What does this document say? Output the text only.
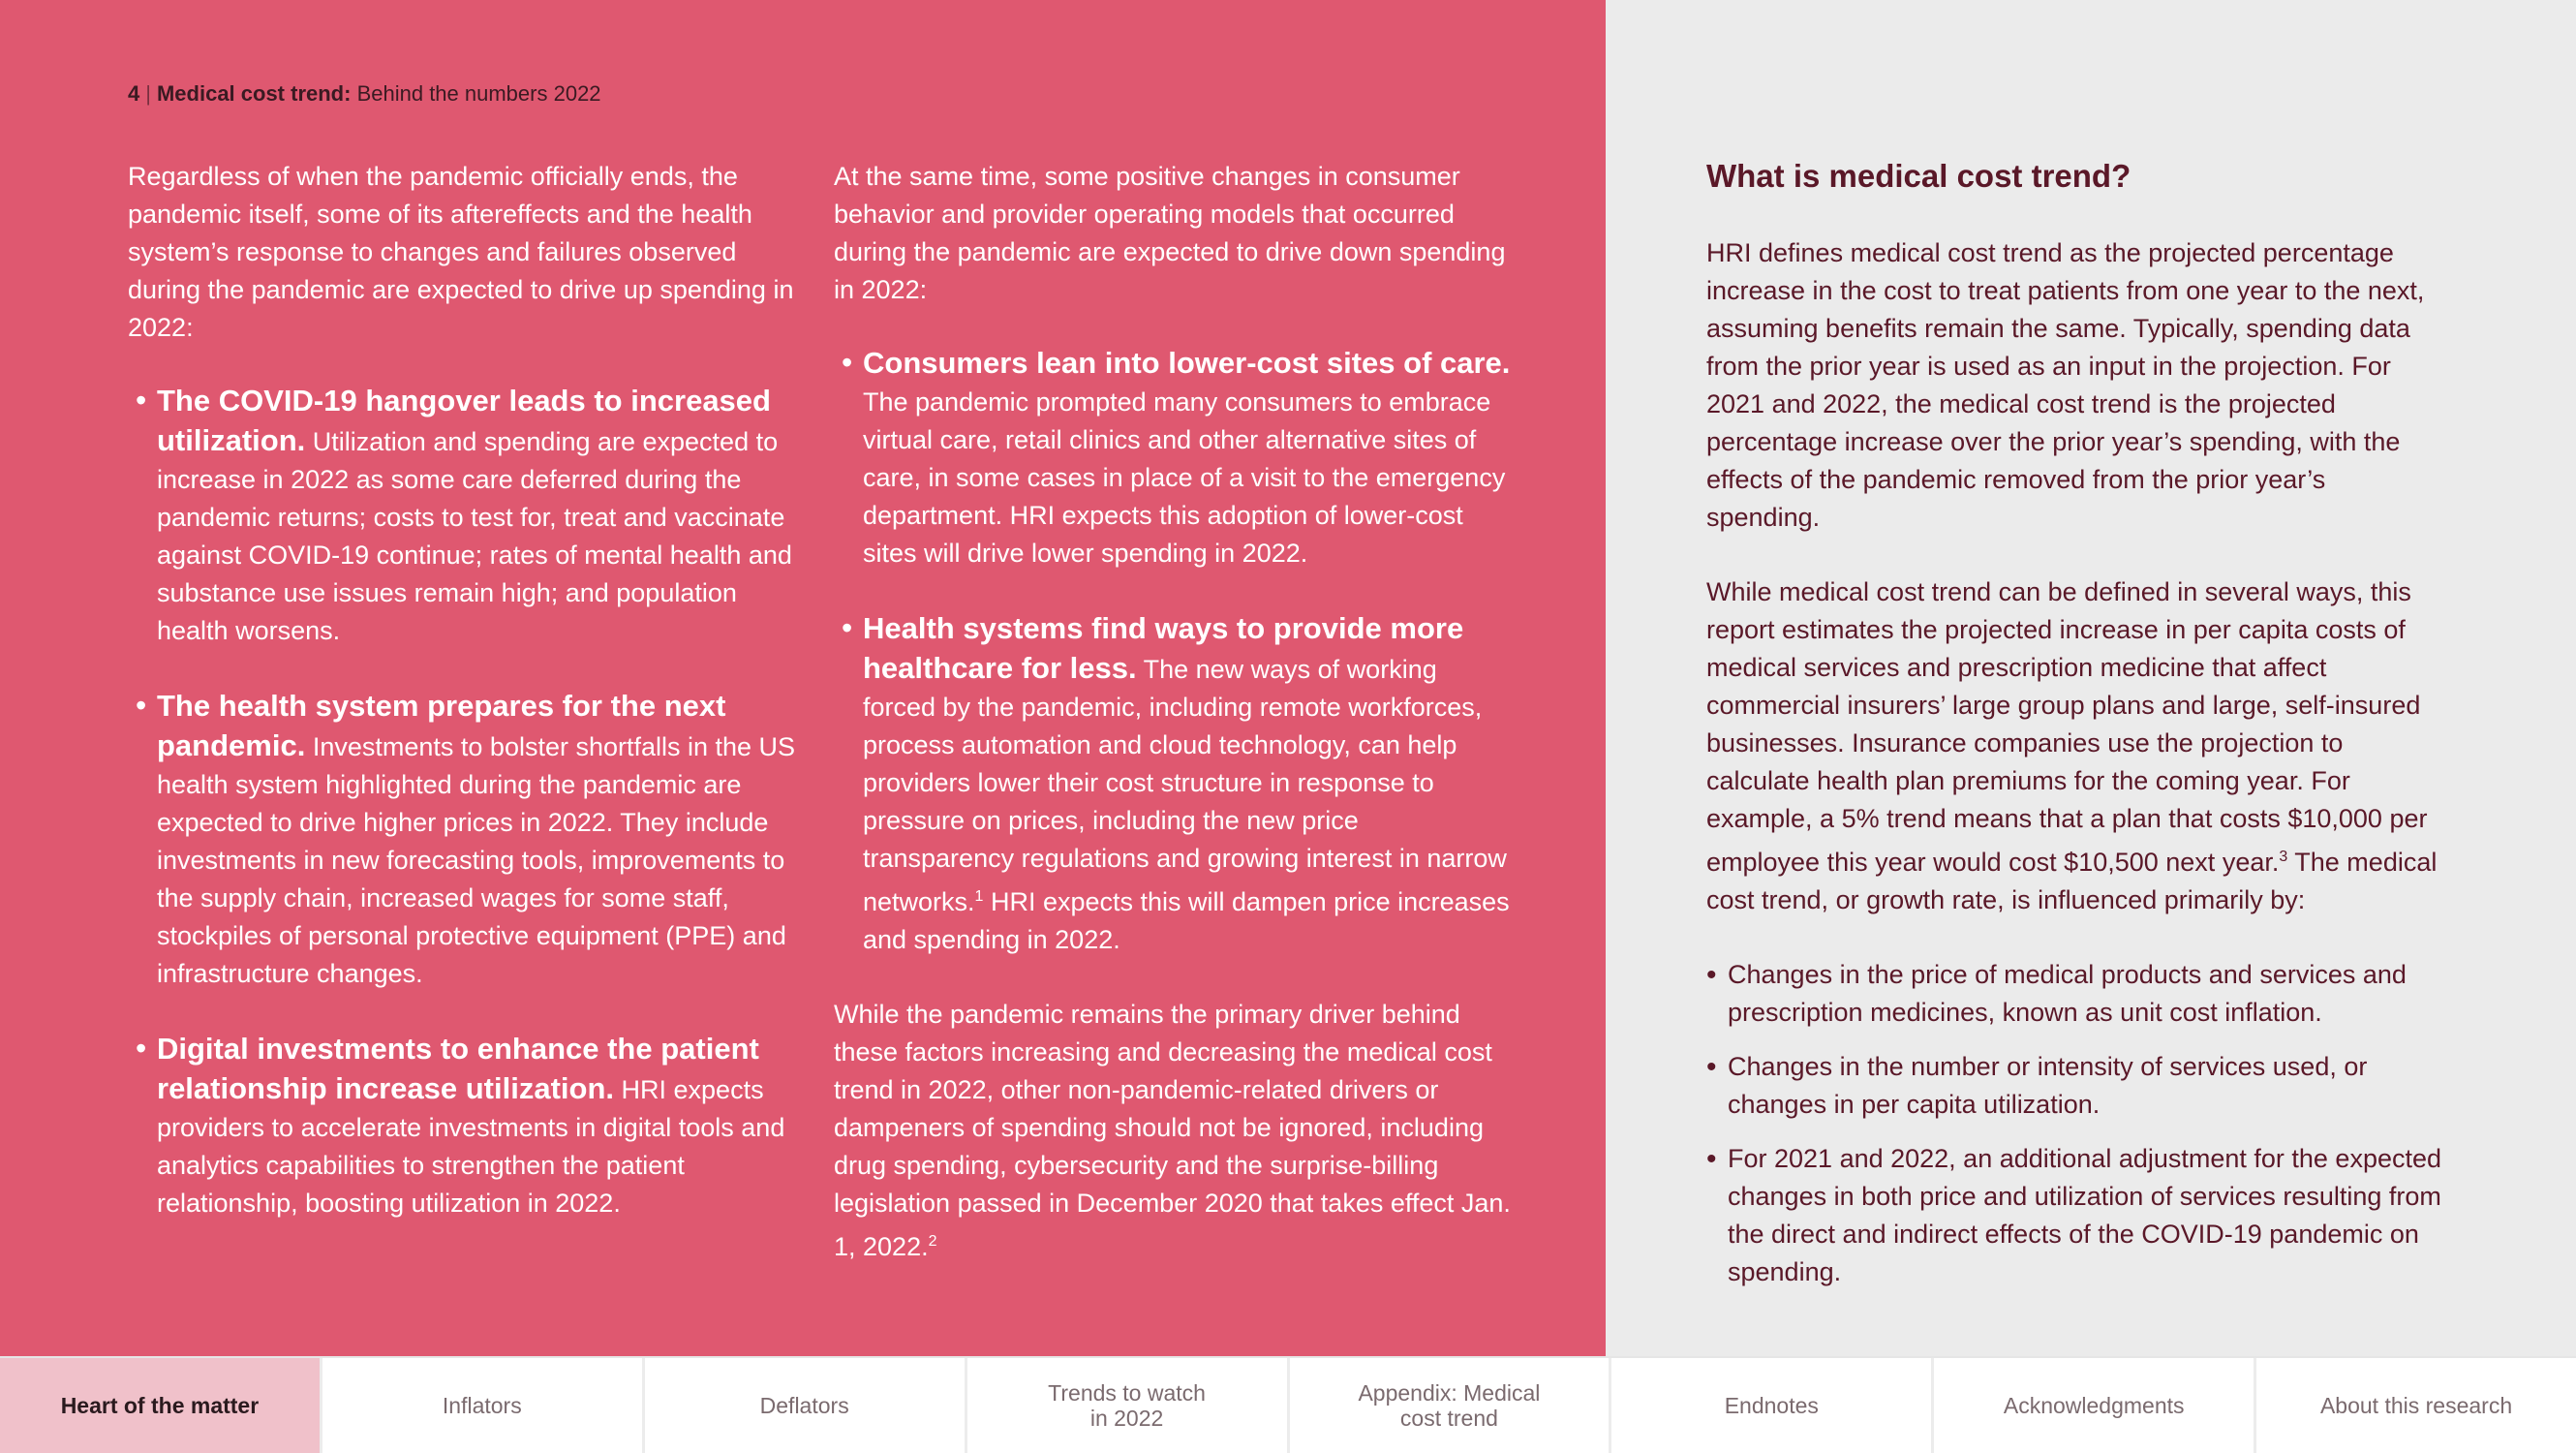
4 | Medical cost trend: Behind the numbers 2022

Regardless of when the pandemic officially ends, the pandemic itself, some of its aftereffects and the health system’s response to changes and failures observed during the pandemic are expected to drive up spending in 2022:

• The COVID-19 hangover leads to increased utilization. Utilization and spending are expected to increase in 2022 as some care deferred during the pandemic returns; costs to test for, treat and vaccinate against COVID-19 continue; rates of mental health and substance use issues remain high; and population health worsens.
• The health system prepares for the next pandemic. Investments to bolster shortfalls in the US health system highlighted during the pandemic are expected to drive higher prices in 2022. They include investments in new forecasting tools, improvements to the supply chain, increased wages for some staff, stockpiles of personal protective equipment (PPE) and infrastructure changes.
• Digital investments to enhance the patient relationship increase utilization. HRI expects providers to accelerate investments in digital tools and analytics capabilities to strengthen the patient relationship, boosting utilization in 2022.

At the same time, some positive changes in consumer behavior and provider operating models that occurred during the pandemic are expected to drive down spending in 2022:

• Consumers lean into lower-cost sites of care. The pandemic prompted many consumers to embrace virtual care, retail clinics and other alternative sites of care, in some cases in place of a visit to the emergency department. HRI expects this adoption of lower-cost sites will drive lower spending in 2022.
• Health systems find ways to provide more healthcare for less. The new ways of working forced by the pandemic, including remote workforces, process automation and cloud technology, can help providers lower their cost structure in response to pressure on prices, including the new price transparency regulations and growing interest in narrow networks.$^1$ HRI expects this will dampen price increases and spending in 2022.

While the pandemic remains the primary driver behind these factors increasing and decreasing the medical cost trend in 2022, other non-pandemic-related drivers or dampeners of spending should not be ignored, including drug spending, cybersecurity and the surprise-billing legislation passed in December 2020 that takes effect Jan. 1, 2022.$^2$

What is medical cost trend?

HRI defines medical cost trend as the projected percentage increase in the cost to treat patients from one year to the next, assuming benefits remain the same. Typically, spending data from the prior year is used as an input in the projection. For 2021 and 2022, the medical cost trend is the projected percentage increase over the prior year’s spending, with the effects of the pandemic removed from the prior year’s spending.

While medical cost trend can be defined in several ways, this report estimates the projected increase in per capita costs of medical services and prescription medicine that affect commercial insurers’ large group plans and large, self-insured businesses. Insurance companies use the projection to calculate health plan premiums for the coming year. For example, a 5% trend means that a plan that costs $10,000 per employee this year would cost $10,500 next year.$^3$ The medical cost trend, or growth rate, is influenced primarily by:

• Changes in the price of medical products and services and prescription medicines, known as unit cost inflation.
• Changes in the number or intensity of services used, or changes in per capita utilization.
• For 2021 and 2022, an additional adjustment for the expected changes in both price and utilization of services resulting from the direct and indirect effects of the COVID-19 pandemic on spending.
Heart of the matter	Inflators	Deflators	Trends to watch
in 2022
Appendix: Medical
cost trend	Endnotes	Acknowledgments	About this research
